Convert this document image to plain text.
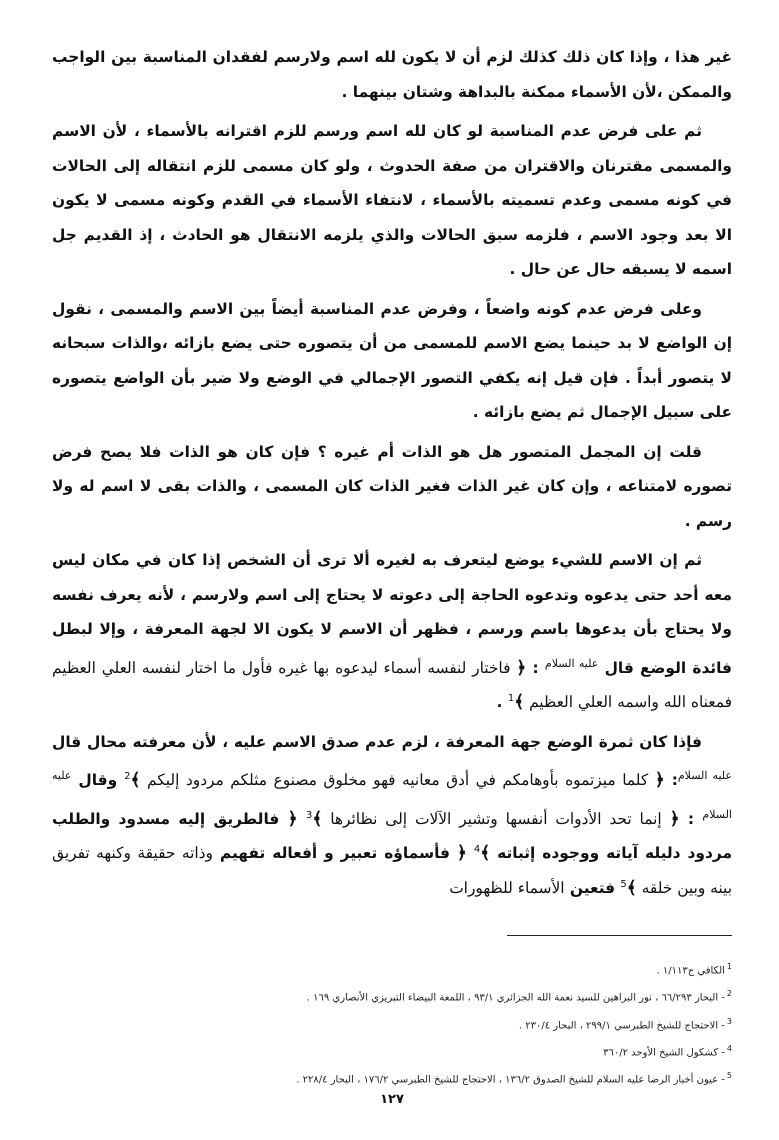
غير هذا ، وإذا كان ذلك كذلك لزم أن لا يكون لله اسم ولارسم لفقدان المناسبة بين الواجب والممكن ،لأن الأسماء ممكنة بالبداهة وشتان بينهما .

ثم على فرض عدم المناسبة لو كان لله اسم ورسم للزم اقترانه بالأسماء ، لأن الاسم والمسمى مقترنان والاقتران من صفة الحدوث ، ولو كان مسمى للزم انتقاله إلى الحالات في كونه مسمى وعدم تسميته بالأسماء ، لانتفاء الأسماء في القدم وكونه مسمى لا يكون الا بعد وجود الاسم ، فلزمه سبق الحالات والذي يلزمه الانتقال هو الحادث ، إذ القديم جل اسمه لا يسبقه حال عن حال .

وعلى فرض عدم كونه واضعاً ، وفرض عدم المناسبة أيضاً بين الاسم والمسمى ، نقول إن الواضع لا بد حينما يضع الاسم للمسمى من أن يتصوره حتى يضع بازائه ،والذات سبحانه لا يتصور أبداً . فإن قيل إنه يكفي التصور الإجمالي في الوضع ولا ضير بأن الواضع يتصوره على سبيل الإجمال ثم يضع بازائه .

قلت إن المجمل المتصور هل هو الذات أم غيره ؟ فإن كان هو الذات فلا يصح فرض تصوره لامتناعه ، وإن كان غير الذات فغير الذات كان المسمى ، والذات بقى لا اسم له ولا رسم .

ثم إن الاسم للشيء يوضع ليتعرف به لغيره ألا ترى أن الشخص إذا كان في مكان ليس معه أحد حتى يدعوه وتدعوه الحاجة إلى دعوته لا يحتاج إلى اسم ولارسم ، لأنه يعرف نفسه ولا يحتاج بأن يدعوها باسم ورسم ، فظهر أن الاسم لا يكون الا لجهة المعرفة ، وإلا لبطل فائدة الوضع قال $^{عليه السلام}$ : ﴿ فاختار لنفسه أسماء ليدعوه بها غيره فأول ما اختار لنفسه العلي العظيم فمعناه الله واسمه العلي العظيم ﴾$^1$ .

فإذا كان ثمرة الوضع جهة المعرفة ، لزم عدم صدق الاسم عليه ، لأن معرفته محال قال $^{عليه السلام}$: ﴿ كلما ميزتموه بأوهامكم في أدق معانيه فهو مخلوق مصنوع مثلكم مردود إليكم ﴾$^2$ وقال $^{عليه السلام}$ : ﴿ إنما تحد الأدوات أنفسها وتشير الآلات إلى نظائرها ﴾$^3$ ﴿ فالطريق إليه مسدود والطلب مردود دليله آياته ووجوده إثباته ﴾$^4$ ﴿ فأسماؤه تعبير و أفعاله تفهيم وذاته حقيقة وكنهه تفريق بينه وبين خلقه ﴾$^5$ فتعين الأسماء للظهورات

$^1$الكافي ج١/١١٣ .
$^2$- البحار ٦٦/٢٩٣ ، نور البراهين للسيد نعمة الله الجزائري ٩٣/١ ، اللمعة البيضاء التبريزي الأنصاري ١٦٩ .
$^3$- الاحتجاج للشيخ الطبرسي ٢٩٩/١ ، البحار ٢٣٠/٤ .
$^4$- كشكول الشيخ الأوحد ٣٦٠/٢
$^5$- عيون أخبار الرضا عليه السلام للشيخ الصدوق ١٣٦/٢ ، الاحتجاج للشيخ الطبرسي ١٧٦/٢ ، البحار ٢٢٨/٤ .
١٢٧
